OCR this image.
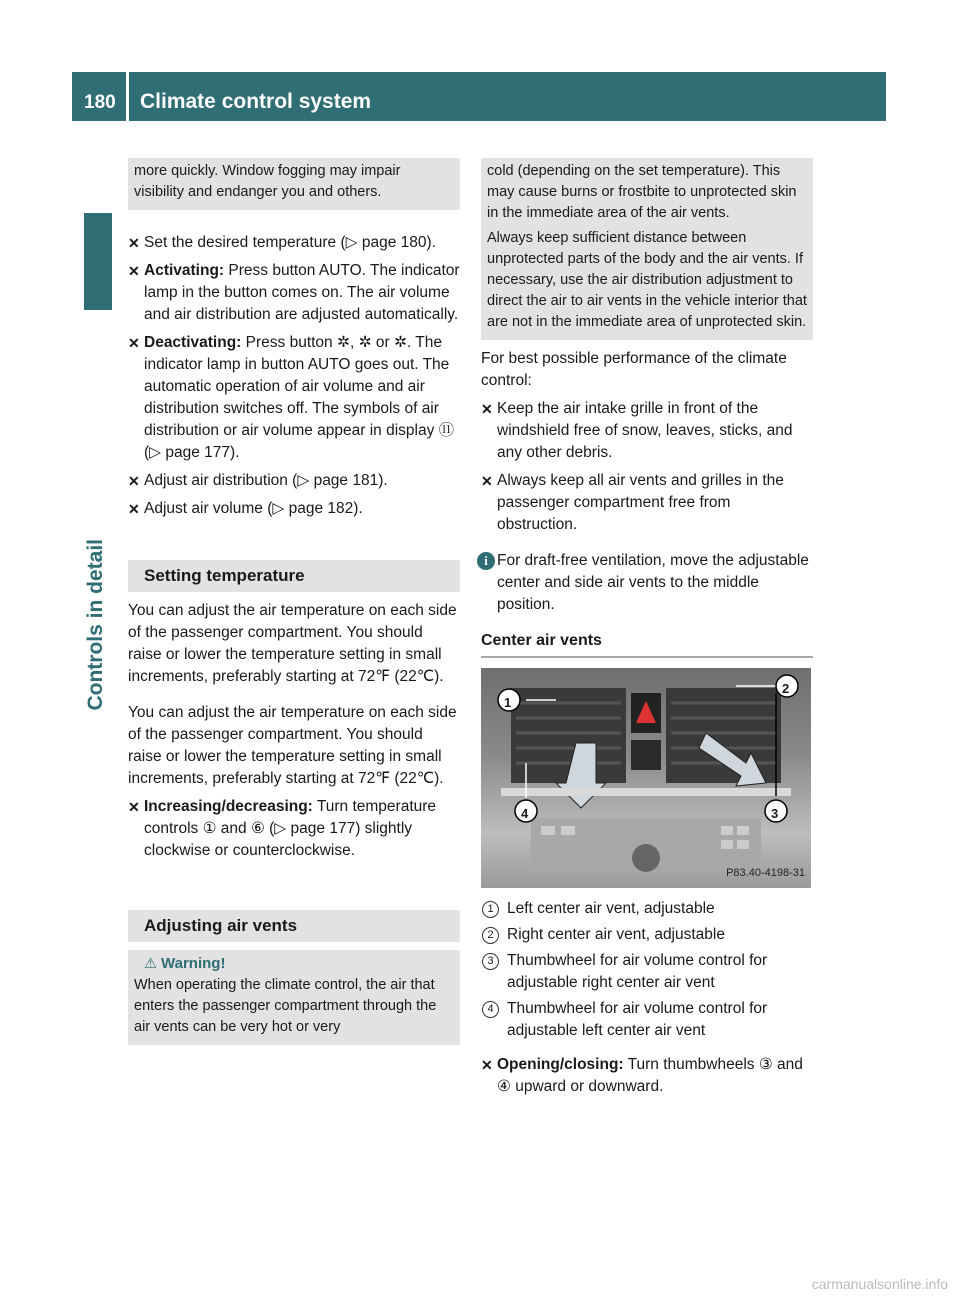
180 Climate control system
Controls in detail

more quickly. Window fogging may impair visibility and endanger you and others.

✕ Set the desired temperature (▷ page 180).
✕ Activating: Press button AUTO. The indicator lamp in the button comes on. The air volume and air distribution are adjusted automatically.
✕ Deactivating: Press button ✲, ✲ or ✲. The indicator lamp in button AUTO goes out. The automatic operation of air volume and air distribution switches off. The symbols of air distribution or air volume appear in display ⑪ (▷ page 177).
✕ Adjust air distribution (▷ page 181).
✕ Adjust air volume (▷ page 182).
Setting temperature

You can adjust the air temperature on each side of the passenger compartment. You should raise or lower the temperature setting in small increments, preferably starting at 72℉ (22℃).

You can adjust the air temperature on each side of the passenger compartment. You should raise or lower the temperature setting in small increments, preferably starting at 72℉ (22℃).

✕ Increasing/decreasing: Turn temperature controls ① and ⑥ (▷ page 177) slightly clockwise or counterclockwise.
Adjusting air vents
⚠ Warning!

When operating the climate control, the air that enters the passenger compartment through the air vents can be very hot or very

cold (depending on the set temperature). This may cause burns or frostbite to unprotected skin in the immediate area of the air vents.

Always keep sufficient distance between unprotected parts of the body and the air vents. If necessary, use the air distribution adjustment to direct the air to air vents in the vehicle interior that are not in the immediate area of unprotected skin.

For best possible performance of the climate control:

✕ Keep the air intake grille in front of the windshield free of snow, leaves, sticks, and any other debris.
✕ Always keep all air vents and grilles in the passenger compartment free from obstruction.
i For draft-free ventilation, move the adjustable center and side air vents to the middle position.
Center air vents
1
2
3
4
P83.40-4198-31
1 Left center air vent, adjustable
2 Right center air vent, adjustable
3 Thumbwheel for air volume control for adjustable right center air vent
4 Thumbwheel for air volume control for adjustable left center air vent
✕ Opening/closing: Turn thumbwheels ③ and ④ upward or downward.
carmanualsonline.info
